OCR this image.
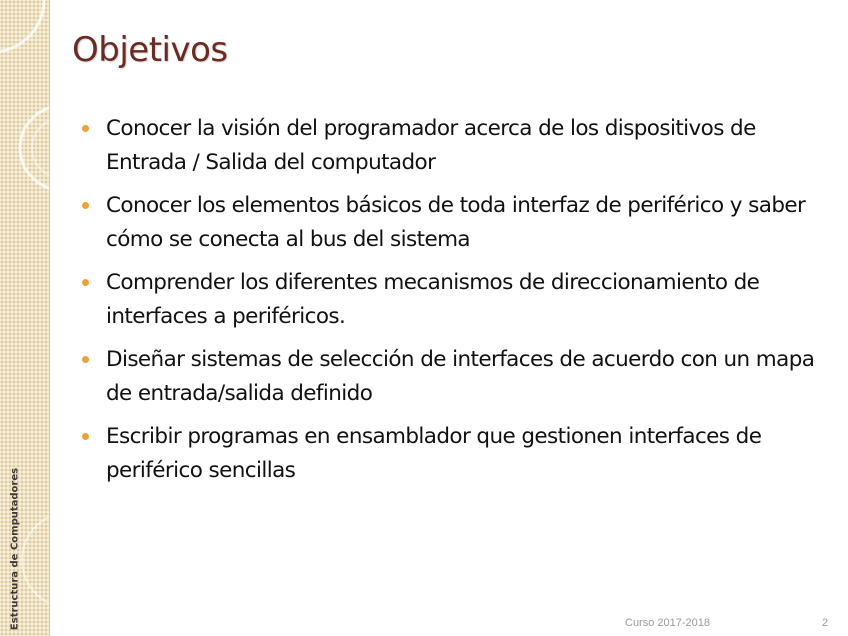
Estructura de Computadores
Objetivos
Conocer la visión del programador acerca de los dispositivos de Entrada / Salida del computador
Conocer los elementos básicos de toda interfaz de periférico y saber cómo se conecta al bus del sistema
Comprender los diferentes mecanismos de direccionamiento de interfaces a periféricos.
Diseñar sistemas de selección de interfaces de acuerdo con un mapa de entrada/salida definido
Escribir programas en ensamblador que gestionen interfaces de periférico sencillas
Curso 2017-2018	2
